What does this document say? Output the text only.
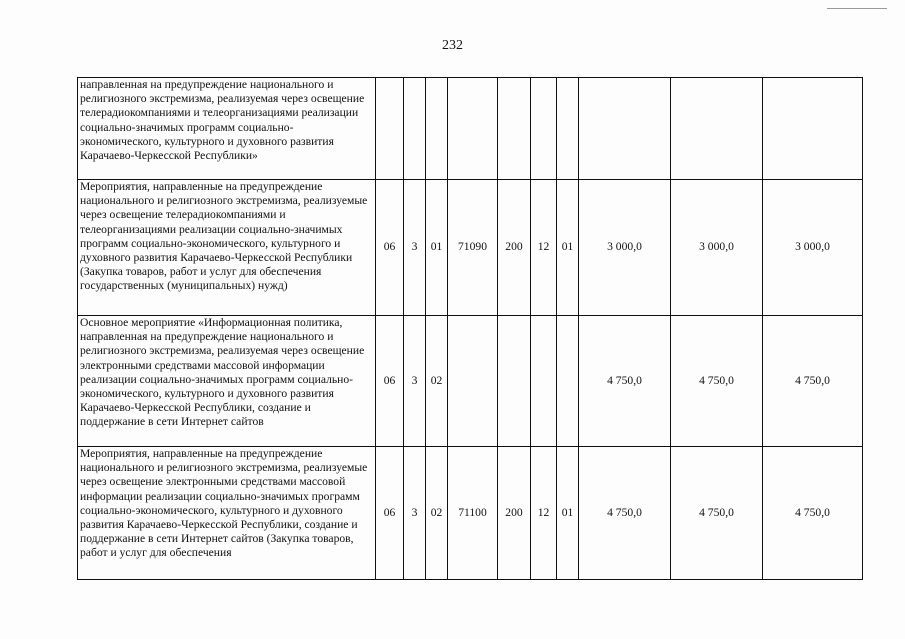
232
направленная на предупреждение национального и религиозного экстремизма, реализуемая через освещение телерадиокомпаниями и телеорганизациями реализации социально-значимых программ социально-экономического, культурного и духовного развития Карачаево-Черкесской Республики»										
Мероприятия, направленные на предупреждение национального и религиозного экстремизма, реализуемые через освещение телерадиокомпаниями и телеорганизациями реализации социально-значимых программ социально-экономического, культурного и духовного развития Карачаево-Черкесской Республики (Закупка товаров, работ и услуг для обеспечения государственных (муниципальных) нужд)	06	3	01	71090	200	12	01	3 000,0	3 000,0	3 000,0
Основное мероприятие «Информационная политика, направленная на предупреждение национального и религиозного экстремизма, реализуемая через освещение электронными средствами массовой информации реализации социально-значимых программ социально-экономического, культурного и духовного развития Карачаево-Черкесской Республики, создание и поддержание в сети Интернет сайтов	06	3	02					4 750,0	4 750,0	4 750,0
Мероприятия, направленные на предупреждение национального и религиозного экстремизма, реализуемые через освещение электронными средствами массовой информации реализации социально-значимых программ социально-экономического, культурного и духовного развития Карачаево-Черкесской Республики, создание и поддержание в сети Интернет сайтов (Закупка товаров, работ и услуг для обеспечения	06	3	02	71100	200	12	01	4 750,0	4 750,0	4 750,0
